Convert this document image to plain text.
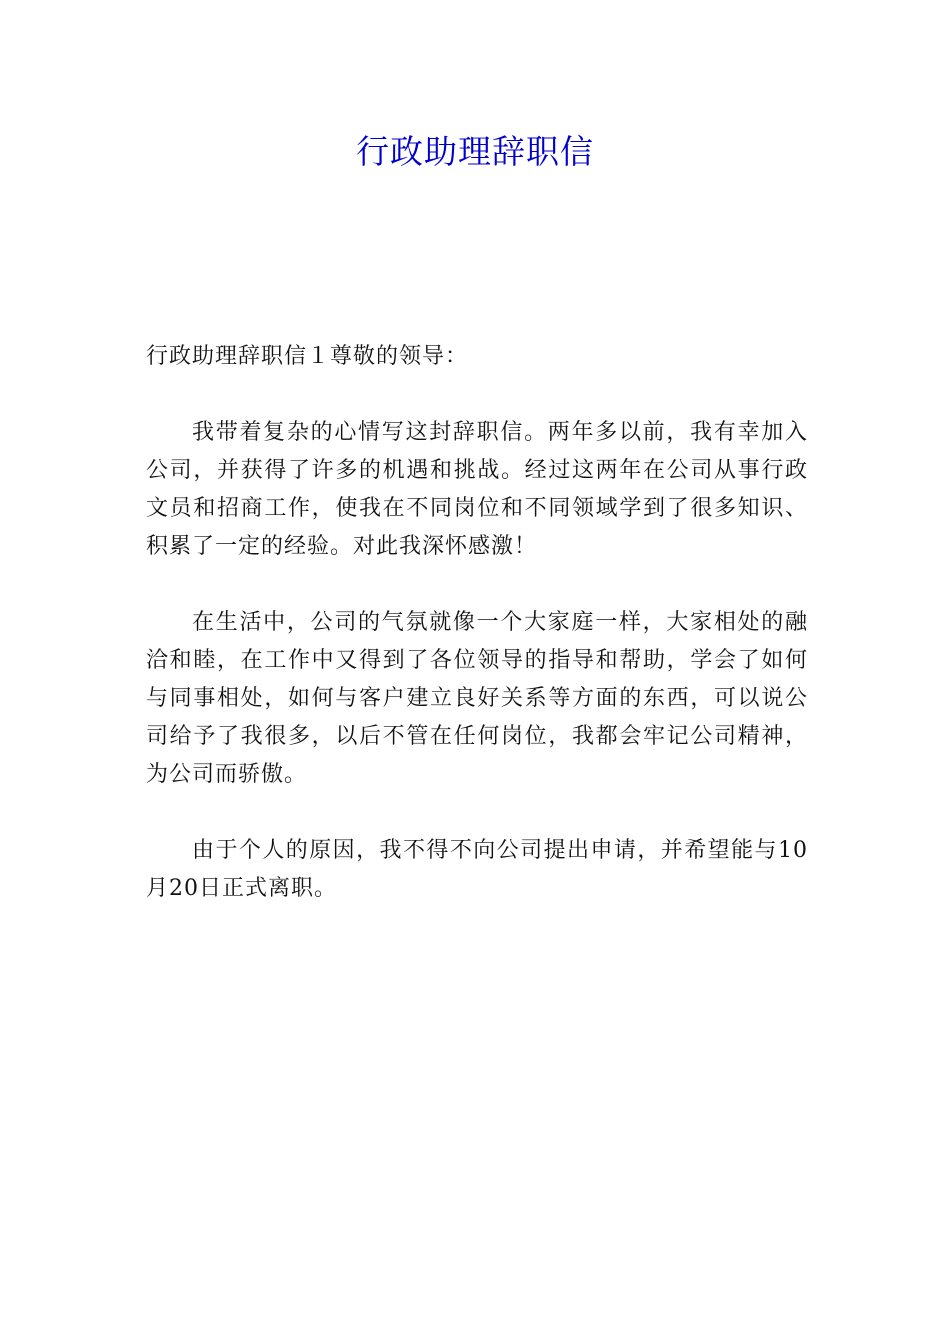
行政助理辞职信

行政助理辞职信１尊敬的领导：

我带着复杂的心情写这封辞职信。两年多以前，我有幸加入公司，并获得了许多的机遇和挑战。经过这两年在公司从事行政文员和招商工作，使我在不同岗位和不同领域学到了很多知识、积累了一定的经验。对此我深怀感激！

在生活中，公司的气氛就像一个大家庭一样，大家相处的融洽和睦，在工作中又得到了各位领导的指导和帮助，学会了如何与同事相处，如何与客户建立良好关系等方面的东西，可以说公司给予了我很多，以后不管在任何岗位，我都会牢记公司精神，为公司而骄傲。

由于个人的原因，我不得不向公司提出申请，并希望能与10月20日正式离职。
